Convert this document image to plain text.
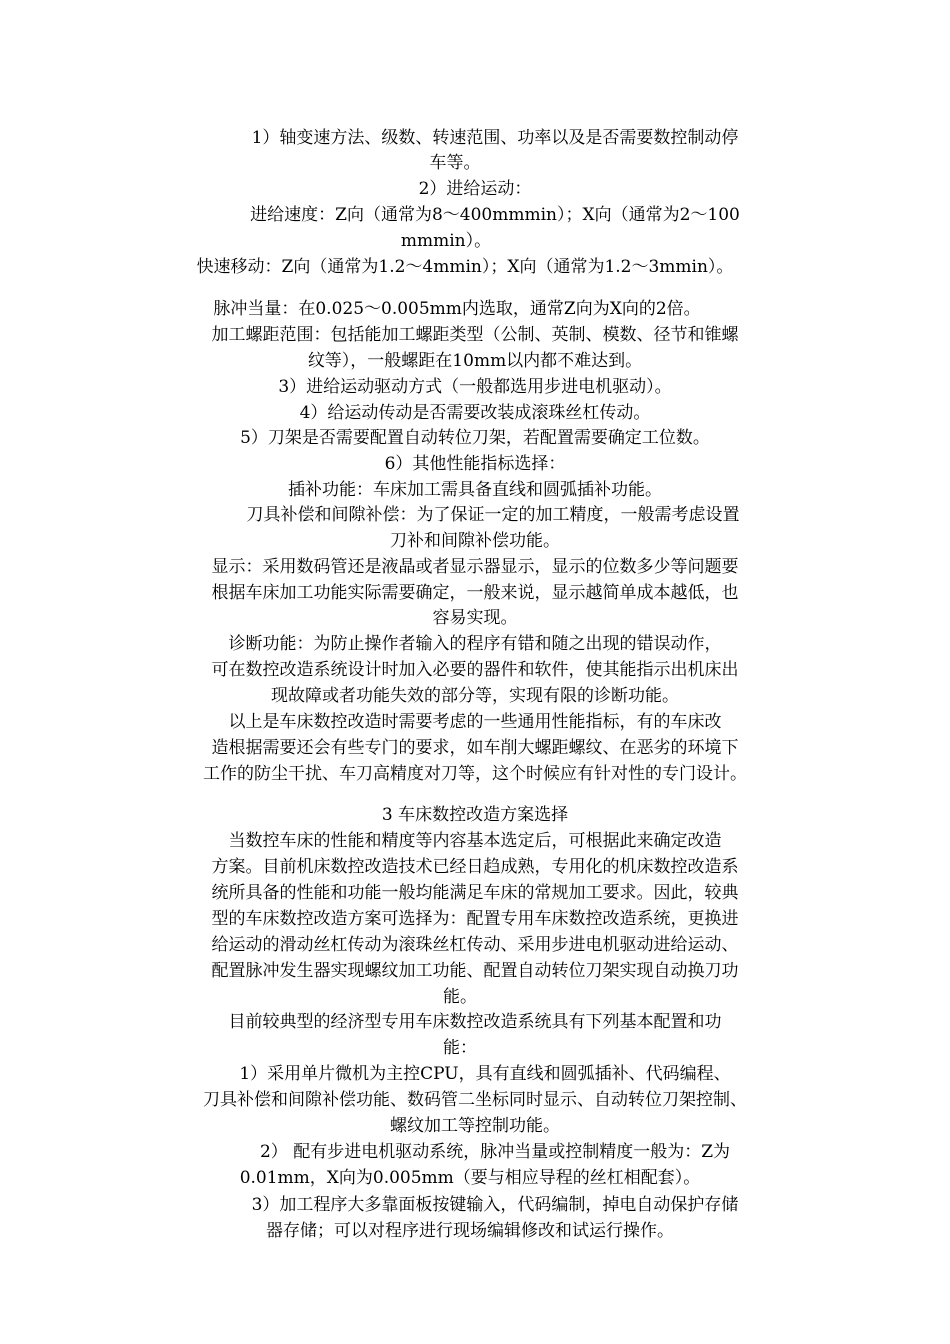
1）轴变速方法、级数、转速范围、功率以及是否需要数控制动停
车等。
2）进给运动：
进给速度：Z向（通常为8～400mmmin）；X向（通常为2～100
mmmin）。
快速移动：Z向（通常为1.2～4mmin）；X向（通常为1.2～3mmin）。
脉冲当量：在0.025～0.005mm内选取，通常Z向为X向的2倍。
加工螺距范围：包括能加工螺距类型（公制、英制、模数、径节和锥螺
纹等），一般螺距在10mm以内都不难达到。
3）进给运动驱动方式（一般都选用步进电机驱动）。
4）给运动传动是否需要改装成滚珠丝杠传动。
5）刀架是否需要配置自动转位刀架，若配置需要确定工位数。
6）其他性能指标选择：
插补功能：车床加工需具备直线和圆弧插补功能。
刀具补偿和间隙补偿：为了保证一定的加工精度，一般需考虑设置
刀补和间隙补偿功能。
显示：采用数码管还是液晶或者显示器显示，显示的位数多少等问题要
根据车床加工功能实际需要确定，一般来说，显示越简单成本越低，也
容易实现。
诊断功能：为防止操作者输入的程序有错和随之出现的错误动作，
可在数控改造系统设计时加入必要的器件和软件，使其能指示出机床出
现故障或者功能失效的部分等，实现有限的诊断功能。
以上是车床数控改造时需要考虑的一些通用性能指标，有的车床改
造根据需要还会有些专门的要求，如车削大螺距螺纹、在恶劣的环境下
工作的防尘干扰、车刀高精度对刀等，这个时候应有针对性的专门设计。
3 车床数控改造方案选择
当数控车床的性能和精度等内容基本选定后，可根据此来确定改造
方案。目前机床数控改造技术已经日趋成熟，专用化的机床数控改造系
统所具备的性能和功能一般均能满足车床的常规加工要求。因此，较典
型的车床数控改造方案可选择为：配置专用车床数控改造系统，更换进
给运动的滑动丝杠传动为滚珠丝杠传动、采用步进电机驱动进给运动、
配置脉冲发生器实现螺纹加工功能、配置自动转位刀架实现自动换刀功
能。
目前较典型的经济型专用车床数控改造系统具有下列基本配置和功
能：
1）采用单片微机为主控CPU，具有直线和圆弧插补、代码编程、
刀具补偿和间隙补偿功能、数码管二坐标同时显示、自动转位刀架控制、
螺纹加工等控制功能。
2） 配有步进电机驱动系统，脉冲当量或控制精度一般为：Z为
0.01mm，X向为0.005mm（要与相应导程的丝杠相配套）。
3）加工程序大多靠面板按键输入，代码编制，掉电自动保护存储
器存储；可以对程序进行现场编辑修改和试运行操作。
